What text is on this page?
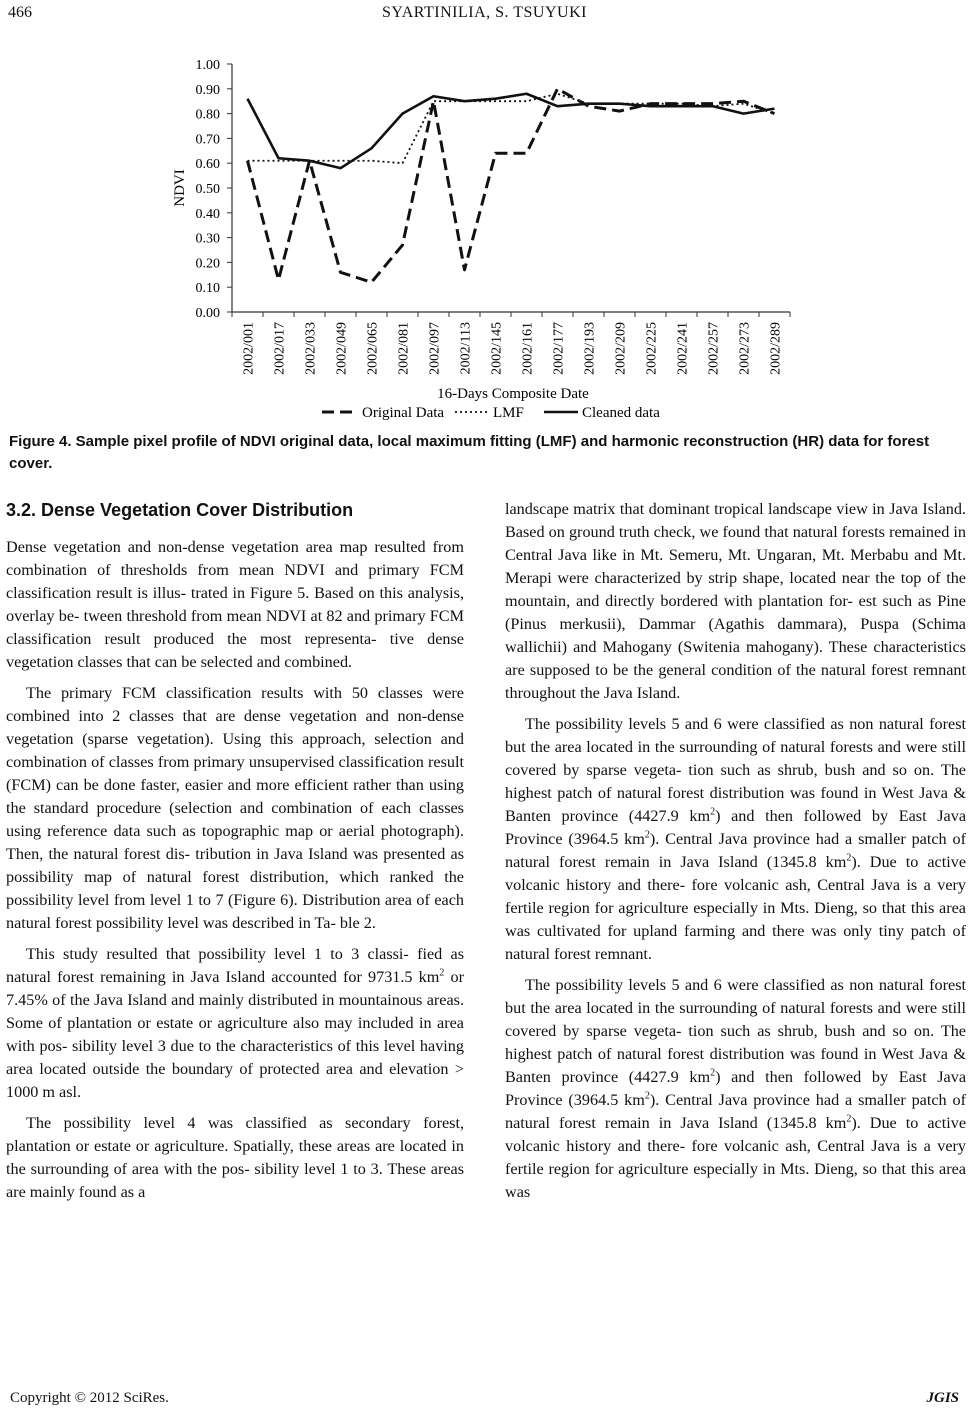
466	SYARTINILIA, S. TSUYUKI
0.00
0.10
0.20
0.30
0.40
0.50
0.60
0.70
0.80
0.90
1.00
NDVI
2002/001 2002/017 2002/033 2002/049 2002/065 2002/081 2002/097 2002/113 2002/145 2002/161 2002/177 2002/193 2002/209 2002/225 2002/241 2002/257 2002/273 2002/289
16-Days Composite Date
Original Data	LMF	Cleaned data
Figure 4. Sample pixel profile of NDVI original data, local maximum fitting (LMF) and harmonic reconstruction (HR) data for forest cover.
3.2. Dense Vegetation Cover Distribution

Dense vegetation and non-dense vegetation area map resulted from combination of thresholds from mean NDVI and primary FCM classification result is illus- trated in Figure 5. Based on this analysis, overlay be- tween threshold from mean NDVI at 82 and primary FCM classification result produced the most representa- tive dense vegetation classes that can be selected and combined.

The primary FCM classification results with 50 classes were combined into 2 classes that are dense vegetation and non-dense vegetation (sparse vegetation). Using this approach, selection and combination of classes from primary unsupervised classification result (FCM) can be done faster, easier and more efficient rather than using the standard procedure (selection and combination of each classes using reference data such as topographic map or aerial photograph). Then, the natural forest dis- tribution in Java Island was presented as possibility map of natural forest distribution, which ranked the possibility level from level 1 to 7 (Figure 6). Distribution area of each natural forest possibility level was described in Ta- ble 2.

This study resulted that possibility level 1 to 3 classi- fied as natural forest remaining in Java Island accounted for 9731.5 $km^2$ or 7.45% of the Java Island and mainly distributed in mountainous areas. Some of plantation or estate or agriculture also may included in area with pos- sibility level 3 due to the characteristics of this level having area located outside the boundary of protected area and elevation > 1000 m asl.

The possibility level 4 was classified as secondary forest, plantation or estate or agriculture. Spatially, these areas are located in the surrounding of area with the pos- sibility level 1 to 3. These areas are mainly found as a

landscape matrix that dominant tropical landscape view in Java Island. Based on ground truth check, we found that natural forests remained in Central Java like in Mt. Semeru, Mt. Ungaran, Mt. Merbabu and Mt. Merapi were characterized by strip shape, located near the top of the mountain, and directly bordered with plantation for- est such as Pine (Pinus merkusii), Dammar (Agathis dammara), Puspa (Schima wallichii) and Mahogany (Switenia mahogany). These characteristics are supposed to be the general condition of the natural forest remnant throughout the Java Island.

The possibility levels 5 and 6 were classified as non natural forest but the area located in the surrounding of natural forests and were still covered by sparse vegeta- tion such as shrub, bush and so on. The highest patch of natural forest distribution was found in West Java & Banten province (4427.9 $km^2$) and then followed by East Java Province (3964.5 $km^2$). Central Java province had a smaller patch of natural forest remain in Java Island (1345.8 $km^2$). Due to active volcanic history and there- fore volcanic ash, Central Java is a very fertile region for agriculture especially in Mts. Dieng, so that this area was cultivated for upland farming and there was only tiny patch of natural forest remnant.

The possibility levels 5 and 6 were classified as non natural forest but the area located in the surrounding of natural forests and were still covered by sparse vegeta- tion such as shrub, bush and so on. The highest patch of natural forest distribution was found in West Java & Banten province (4427.9 $km^2$) and then followed by East Java Province (3964.5 $km^2$). Central Java province had a smaller patch of natural forest remain in Java Island (1345.8 $km^2$). Due to active volcanic history and there- fore volcanic ash, Central Java is a very fertile region for agriculture especially in Mts. Dieng, so that this area was

Copyright © 2012 SciRes.	JGIS
